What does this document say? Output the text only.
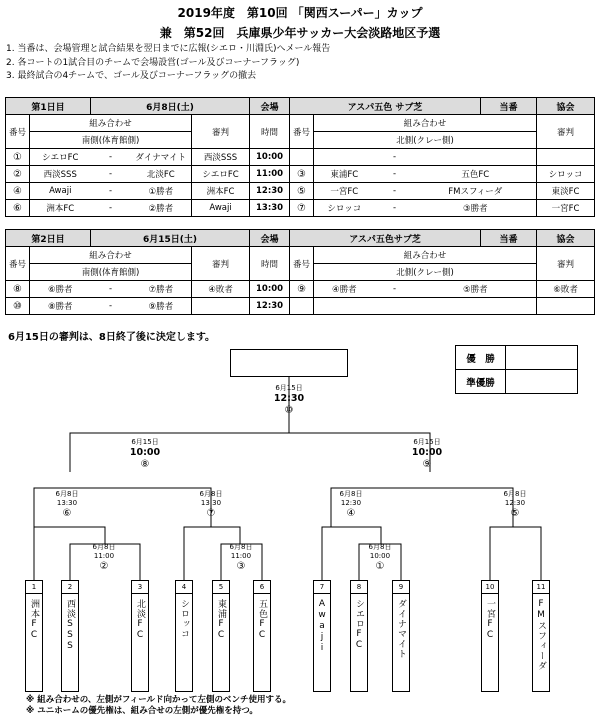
2019年度　第10回 「関西スーパー」カップ
兼　第52回　兵庫県少年サッカー大会淡路地区予選
1. 当番は、会場管理と試合結果を翌日までに広報(シエロ・川淵氏)へメール報告
2. 各コートの1試合目のチームで会場設営(ゴール及びコーナーフラッグ)
3. 最終試合の4チームで、ゴール及びコーナーフラッグの撤去
第1日目		6月8日(土)			会場	アスパ五色 サブ芝				当番	協会
番号	組み合わせ			審判	時間	番号	組み合わせ				審判
	南側(体育館側)						北側(クレー側)				
①	シエロFC	-	ダイナマイト	西淡SSS	10:00			-			
②	西淡SSS	-	北淡FC	シエロFC	11:00	③	東浦FC	-	五色FC		シロッコ
④	Awaji	-	①勝者	洲本FC	12:30	⑤	一宮FC	-	FMスフィーダ		東淡FC
⑥	洲本FC	-	②勝者	Awaji	13:30	⑦	シロッコ	-	③勝者		一宮FC
第2日目		6月15日(土)			会場	アスパ五色サブ芝				当番	協会
番号	組み合わせ			審判	時間	番号	組み合わせ				審判
	南側(体育館側)						北側(クレー側)				
⑧	⑥勝者	-	⑦勝者	④敗者	10:00	⑨	④勝者	-	⑤勝者		⑥敗者
⑩	⑧勝者	-	⑨勝者		12:30						
6月15日の審判は、8日終了後に決定します。
優　勝	
準優勝	
6月15日
12:30
⑩
6月15日
10:00
⑧
6月15日
10:00
⑨
6月8日
13:30
⑥
6月8日
13:30
⑦
6月8日
12:30
④
6月8日
12:30
⑤
6月8日
11:00
②
6月8日
11:00
③
6月8日
10:00
①
1
洲本FC
2
西淡SSS
3
北淡FC
4
シロッコ
5
東浦FC
6
五色FC
7
Awaji
8
シエロFC
9
ダイナマイト
10
一宮FC
11
FMスフィーダ
※ 組み合わせの、左側がフィールド向かって左側のベンチ使用する。
※ ユニホームの優先権は、組み合せの左側が優先権を持つ。
